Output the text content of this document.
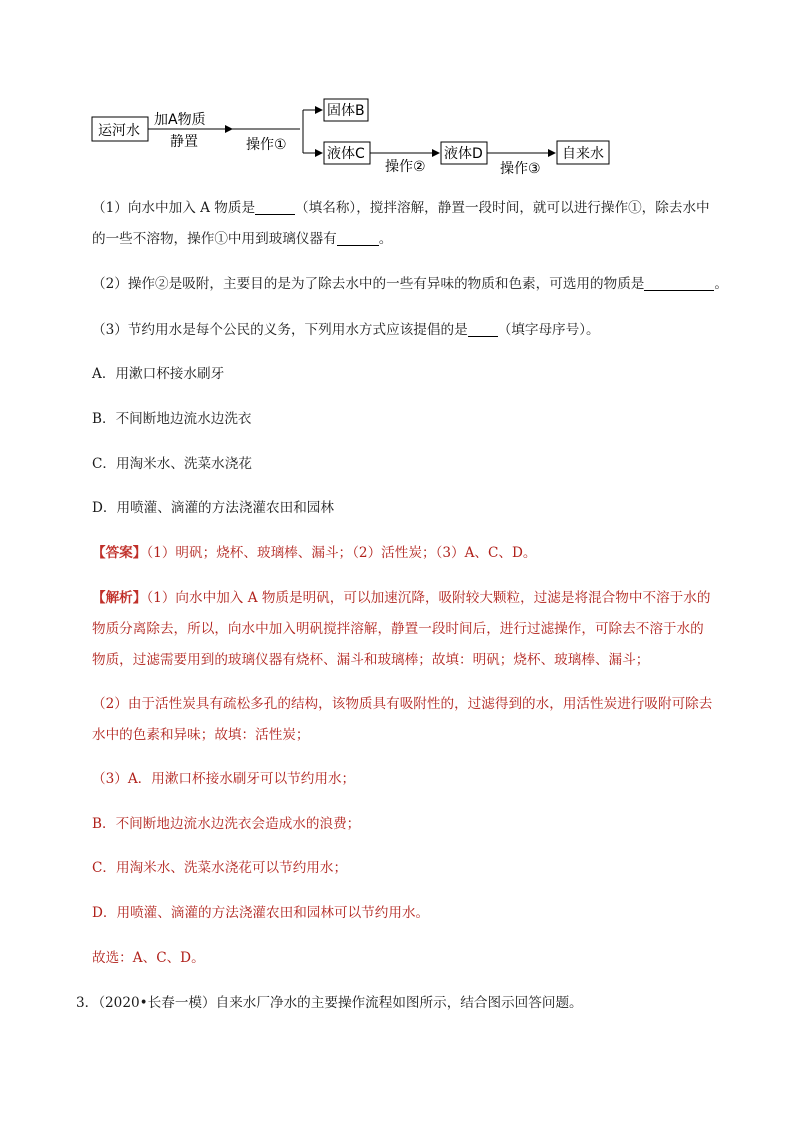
运河水
加A物质
静置	操作①
固体B
液体C
操作②
液体D
操作③
自来水
（1）向水中加入 A 物质是	（填名称），搅拌溶解，静置一段时间，就可以进行操作①，除去水中
的一些不溶物，操作①中用到玻璃仪器有	。
（2）操作②是吸附，主要目的是为了除去水中的一些有异味的物质和色素，可选用的物质是	。
（3）节约用水是每个公民的义务，下列用水方式应该提倡的是 （填字母序号）。
A．用漱口杯接水刷牙
B．不间断地边流水边洗衣
C．用淘米水、洗菜水浇花
D．用喷灌、滴灌的方法浇灌农田和园林
【答案】（1）明矾；烧杯、玻璃棒、漏斗；（2）活性炭；（3）A、C、D。
【解析】（1）向水中加入 A 物质是明矾，可以加速沉降，吸附较大颗粒，过滤是将混合物中不溶于水的
物质分离除去，所以，向水中加入明矾搅拌溶解，静置一段时间后，进行过滤操作，可除去不溶于水的
物质，过滤需要用到的玻璃仪器有烧杯、漏斗和玻璃棒；故填：明矾；烧杯、玻璃棒、漏斗；
（2）由于活性炭具有疏松多孔的结构，该物质具有吸附性的，过滤得到的水，用活性炭进行吸附可除去
水中的色素和异味；故填：活性炭；
（3）A．用漱口杯接水刷牙可以节约用水；
B．不间断地边流水边洗衣会造成水的浪费；
C．用淘米水、洗菜水浇花可以节约用水；
D．用喷灌、滴灌的方法浇灌农田和园林可以节约用水。
故选：A、C、D。
3．（2020•长春一模）自来水厂净水的主要操作流程如图所示，结合图示回答问题。
